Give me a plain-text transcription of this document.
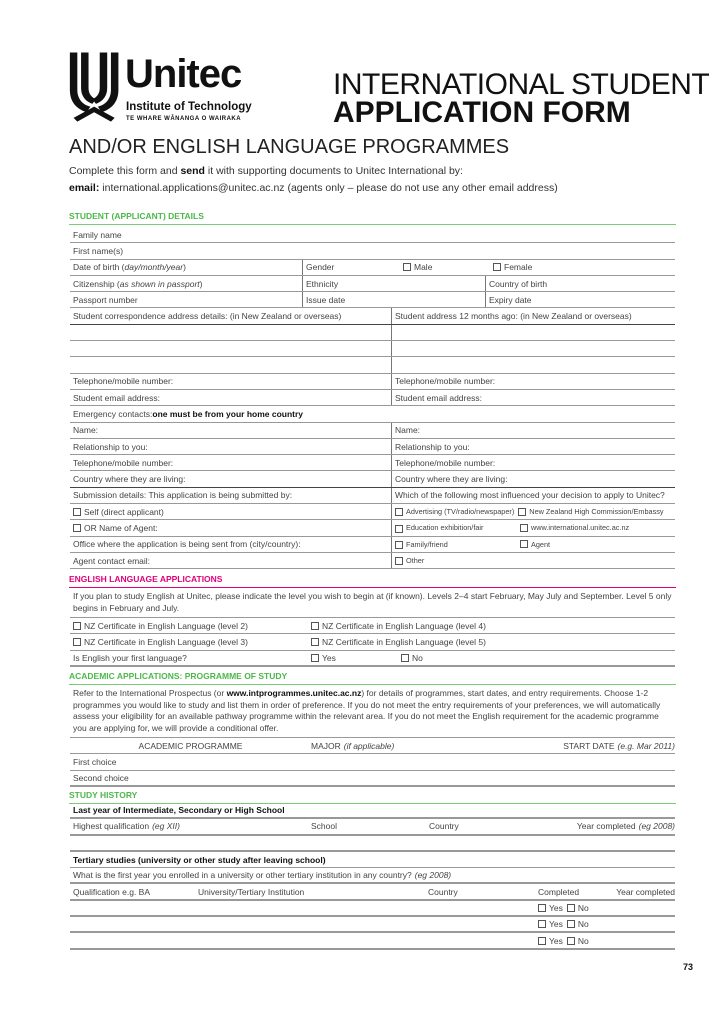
Unitec
Institute of Technology
TE WHARE WĀNANGA O WAIRAKA
INTERNATIONAL STUDENT
APPLICATION FORM
AND/OR ENGLISH LANGUAGE PROGRAMMES
Complete this form and send it with supporting documents to Unitec International by:
email: international.applications@unitec.ac.nz (agents only – please do not use any other email address)
STUDENT (APPLICANT) DETAILS
Family name
First name(s)
Date of birth ( day/month/year )	Gender	Male	Female
Citizenship ( as shown in passport )	Ethnicity	Country of birth
Passport number	Issue date	Expiry date
Student correspondence address details: (in New Zealand or overseas)	Student address 12 months ago: (in New Zealand or overseas)
Telephone/mobile number:	Telephone/mobile number:
Student email address:	Student email address:
Emergency contacts: one must be from your home country
Name:	Name:
Relationship to you:	Relationship to you:
Telephone/mobile number:	Telephone/mobile number:
Country where they are living:	Country where they are living:
Submission details: This application is being submitted by:	Which of the following most influenced your decision to apply to Unitec?
Self (direct applicant)	Advertising (TV/radio/newspaper) New Zealand High Commission/Embassy
OR Name of Agent:	Education exhibition/fair	www.international.unitec.ac.nz
Office where the application is being sent from (city/country):	Family/friend	Agent
Agent contact email:	Other
ENGLISH LANGUAGE APPLICATIONS
If you plan to study English at Unitec, please indicate the level you wish to begin at (if known). Levels 2–4 start February, May July and September. Level 5 only begins in February and July.
NZ Certificate in English Language (level 2)	NZ Certificate in English Language (level 4)
NZ Certificate in English Language (level 3)	NZ Certificate in English Language (level 5)
Is English your first language?	Yes	No
ACADEMIC APPLICATIONS: PROGRAMME OF STUDY
Refer to the International Prospectus (or www.intprogrammes.unitec.ac.nz) for details of programmes, start dates, and entry requirements. Choose 1-2 programmes you would like to study and list them in order of preference. If you do not meet the entry requirements of your preferences, we will automatically assess your eligibility for an available pathway programme within the relevant area. If you do not meet the English requirement for the academic programme you are applying for, we will provide a conditional offer.
ACADEMIC PROGRAMME	MAJOR (if applicable)	START DATE (e.g. Mar 2011)
First choice
Second choice
STUDY HISTORY
Last year of Intermediate, Secondary or High School
Highest qualification (eg XII)	School	Country	Year completed (eg 2008)
Tertiary studies (university or other study after leaving school)
What is the first year you enrolled in a university or other tertiary institution in any country? (eg 2008)
Qualification e.g. BA	University/Tertiary Institution	Country	Completed	Year completed
Yes No
Yes No
Yes No
73
